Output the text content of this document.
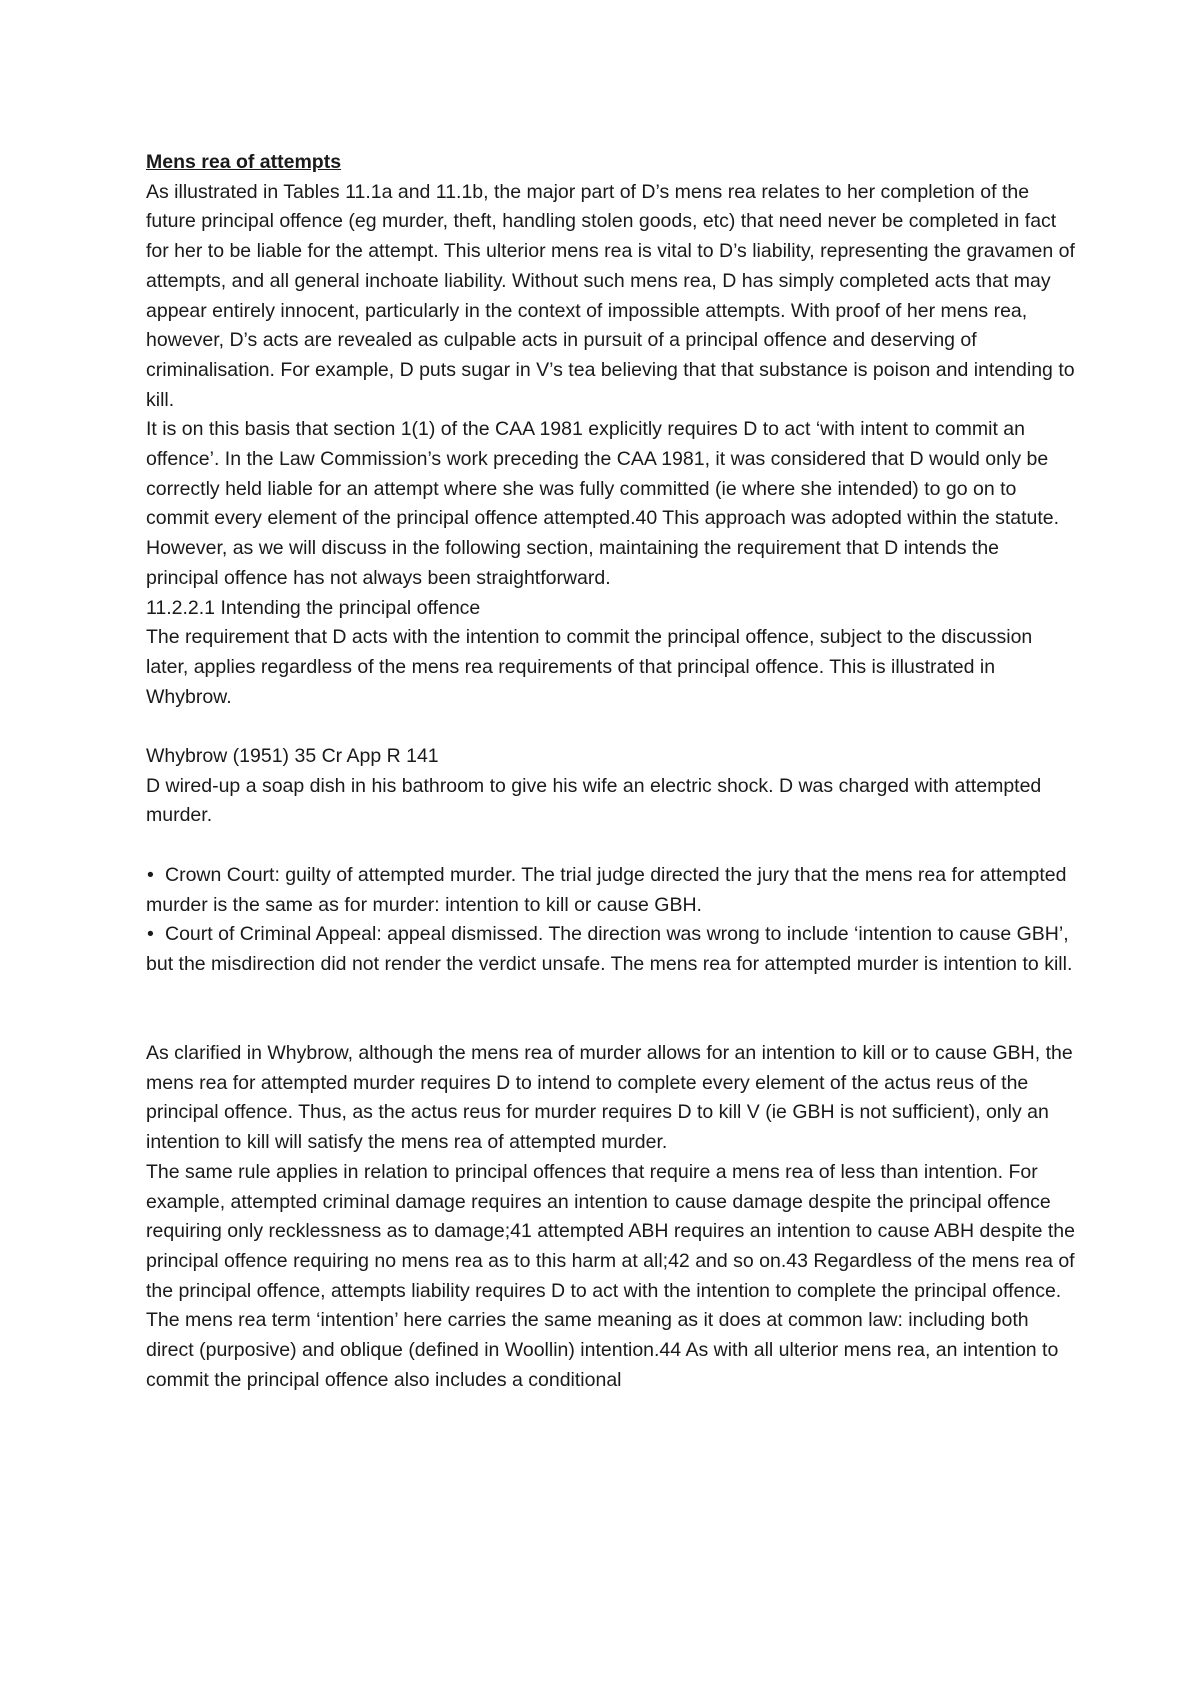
Mens rea of attempts

As illustrated in Tables 11.1a and 11.1b, the major part of D’s mens rea relates to her completion of the future principal offence (eg murder, theft, handling stolen goods, etc) that need never be completed in fact for her to be liable for the attempt. This ulterior mens rea is vital to D’s liability, representing the gravamen of attempts, and all general inchoate liability. Without such mens rea, D has simply completed acts that may appear entirely innocent, particularly in the context of impossible attempts. With proof of her mens rea, however, D’s acts are revealed as culpable acts in pursuit of a principal offence and deserving of criminalisation. For example, D puts sugar in V’s tea believing that that substance is poison and intending to kill.

It is on this basis that section 1(1) of the CAA 1981 explicitly requires D to act ‘with intent to commit an offence’. In the Law Commission’s work preceding the CAA 1981, it was considered that D would only be correctly held liable for an attempt where she was fully committed (ie where she intended) to go on to commit every element of the principal offence attempted.40 This approach was adopted within the statute. However, as we will discuss in the following section, maintaining the requirement that D intends the principal offence has not always been straightforward.

11.2.2.1 Intending the principal offence

The requirement that D acts with the intention to commit the principal offence, subject to the discussion later, applies regardless of the mens rea requirements of that principal offence. This is illustrated in Whybrow.

Whybrow (1951) 35 Cr App R 141

D wired-up a soap dish in his bathroom to give his wife an electric shock. D was charged with attempted murder.

• Crown Court: guilty of attempted murder. The trial judge directed the jury that the mens rea for attempted murder is the same as for murder: intention to kill or cause GBH.

• Court of Criminal Appeal: appeal dismissed. The direction was wrong to include ‘intention to cause GBH’, but the misdirection did not render the verdict unsafe. The mens rea for attempted murder is intention to kill.

As clarified in Whybrow, although the mens rea of murder allows for an intention to kill or to cause GBH, the mens rea for attempted murder requires D to intend to complete every element of the actus reus of the principal offence. Thus, as the actus reus for murder requires D to kill V (ie GBH is not sufficient), only an intention to kill will satisfy the mens rea of attempted murder.

The same rule applies in relation to principal offences that require a mens rea of less than intention. For example, attempted criminal damage requires an intention to cause damage despite the principal offence requiring only recklessness as to damage;41 attempted ABH requires an intention to cause ABH despite the principal offence requiring no mens rea as to this harm at all;42 and so on.43 Regardless of the mens rea of the principal offence, attempts liability requires D to act with the intention to complete the principal offence.

The mens rea term ‘intention’ here carries the same meaning as it does at common law: including both direct (purposive) and oblique (defined in Woollin) intention.44 As with all ulterior mens rea, an intention to commit the principal offence also includes a conditional
